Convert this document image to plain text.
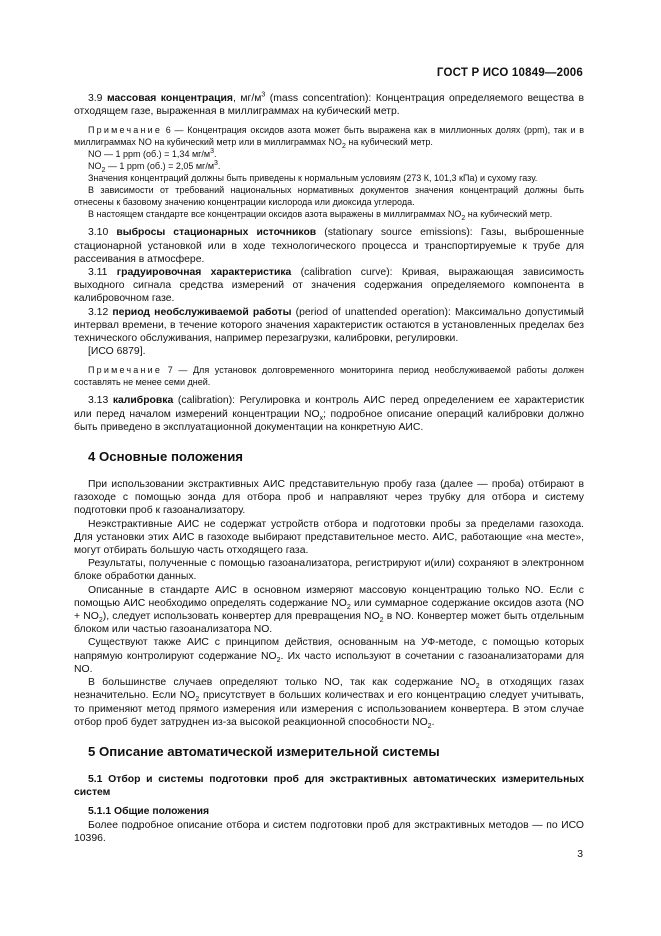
ГОСТ Р ИСО 10849—2006

3.9 массовая концентрация, $мг/м^3$ (mass concentration): Концентрация определяемого вещества в отходящем газе, выраженная в миллиграммах на кубический метр.

Примечание 6 — Концентрация оксидов азота может быть выражена как в миллионных долях (ppm), так и в миллиграммах NO на кубический метр или в миллиграммах $NO_2$ на кубический метр.

NO — 1 ppm (об.) = 1,34 $мг/м^3$.

$NO_2$ — 1 ppm (об.) = 2,05 $мг/м^3$.

Значения концентраций должны быть приведены к нормальным условиям (273 К, 101,3 кПа) и сухому газу.

В зависимости от требований национальных нормативных документов значения концентраций должны быть отнесены к базовому значению концентрации кислорода или диоксида углерода.

В настоящем стандарте все концентрации оксидов азота выражены в миллиграммах $NO_2$ на кубический метр.

3.10 выбросы стационарных источников (stationary source emissions): Газы, выброшенные стационарной установкой или в ходе технологического процесса и транспортируемые к трубе для рассеивания в атмосфере.

3.11 градуировочная характеристика (calibration curve): Кривая, выражающая зависимость выходного сигнала средства измерений от значения содержания определяемого компонента в калибровочном газе.

3.12 период необслуживаемой работы (period of unattended operation): Максимально допустимый интервал времени, в течение которого значения характеристик остаются в установленных пределах без технического обслуживания, например перезагрузки, калибровки, регулировки.

[ИСО 6879].

Примечание 7 — Для установок долговременного мониторинга период необслуживаемой работы должен составлять не менее семи дней.

3.13 калибровка (calibration): Регулировка и контроль АИС перед определением ее характеристик или перед началом измерений концентрации $NO_x$; подробное описание операций калибровки должно быть приведено в эксплуатационной документации на конкретную АИС.

4 Основные положения

При использовании экстрактивных АИС представительную пробу газа (далее — проба) отбирают в газоходе с помощью зонда для отбора проб и направляют через трубку для отбора и систему подготовки проб к газоанализатору.

Неэкстрактивные АИС не содержат устройств отбора и подготовки пробы за пределами газохода. Для установки этих АИС в газоходе выбирают представительное место. АИС, работающие «на месте», могут отбирать большую часть отходящего газа.

Результаты, полученные с помощью газоанализатора, регистрируют и(или) сохраняют в электронном блоке обработки данных.

Описанные в стандарте АИС в основном измеряют массовую концентрацию только NO. Если с помощью АИС необходимо определять содержание $NO_2$ или суммарное содержание оксидов азота $(NO + NO_2)$, следует использовать конвертер для превращения $NO_2$ в NO. Конвертер может быть отдельным блоком или частью газоанализатора NO.

Существуют также АИС с принципом действия, основанным на УФ-методе, с помощью которых напрямую контролируют содержание $NO_2$. Их часто используют в сочетании с газоанализаторами для NO.

В большинстве случаев определяют только NO, так как содержание $NO_2$ в отходящих газах незначительно. Если $NO_2$ присутствует в больших количествах и его концентрацию следует учитывать, то применяют метод прямого измерения или измерения с использованием конвертера. В этом случае отбор проб будет затруднен из-за высокой реакционной способности $NO_2$.

5 Описание автоматической измерительной системы

5.1 Отбор и системы подготовки проб для экстрактивных автоматических измерительных систем

5.1.1 Общие положения

Более подробное описание отбора и систем подготовки проб для экстрактивных методов — по ИСО 10396.

3
